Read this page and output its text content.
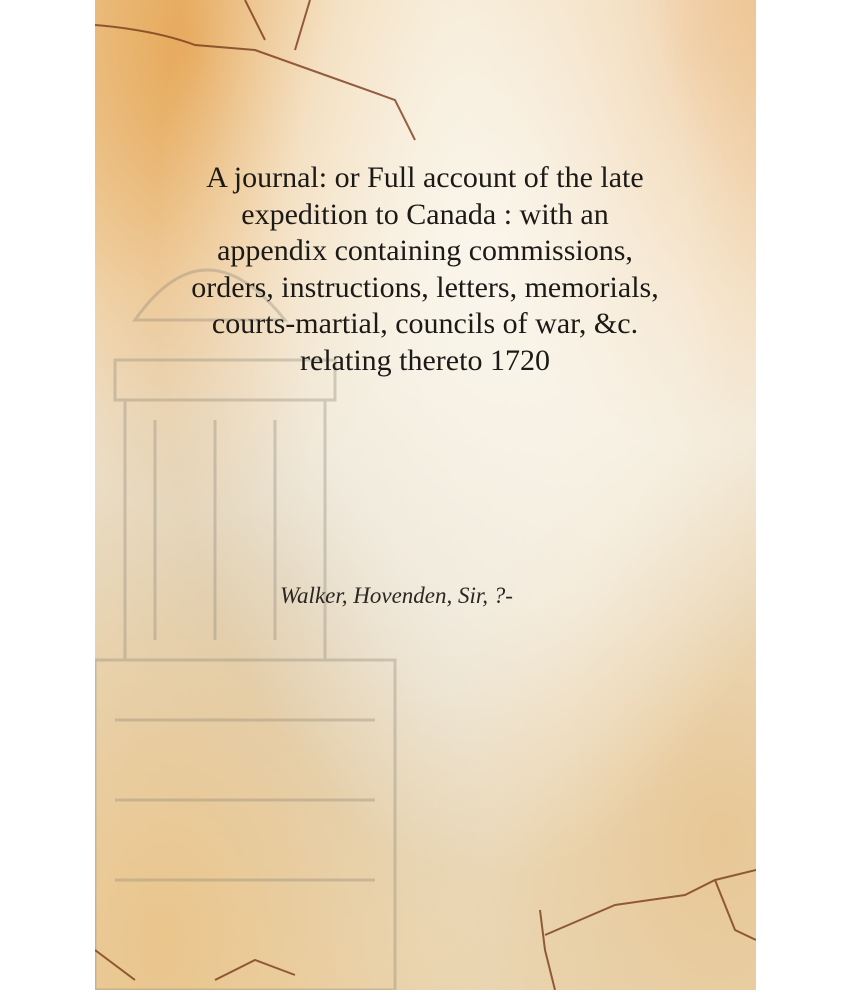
A journal: or Full account of the late
expedition to Canada : with an
appendix containing commissions,
orders, instructions, letters, memorials,
courts-martial, councils of war, &c.
relating thereto 1720
Walker, Hovenden, Sir, ?-
